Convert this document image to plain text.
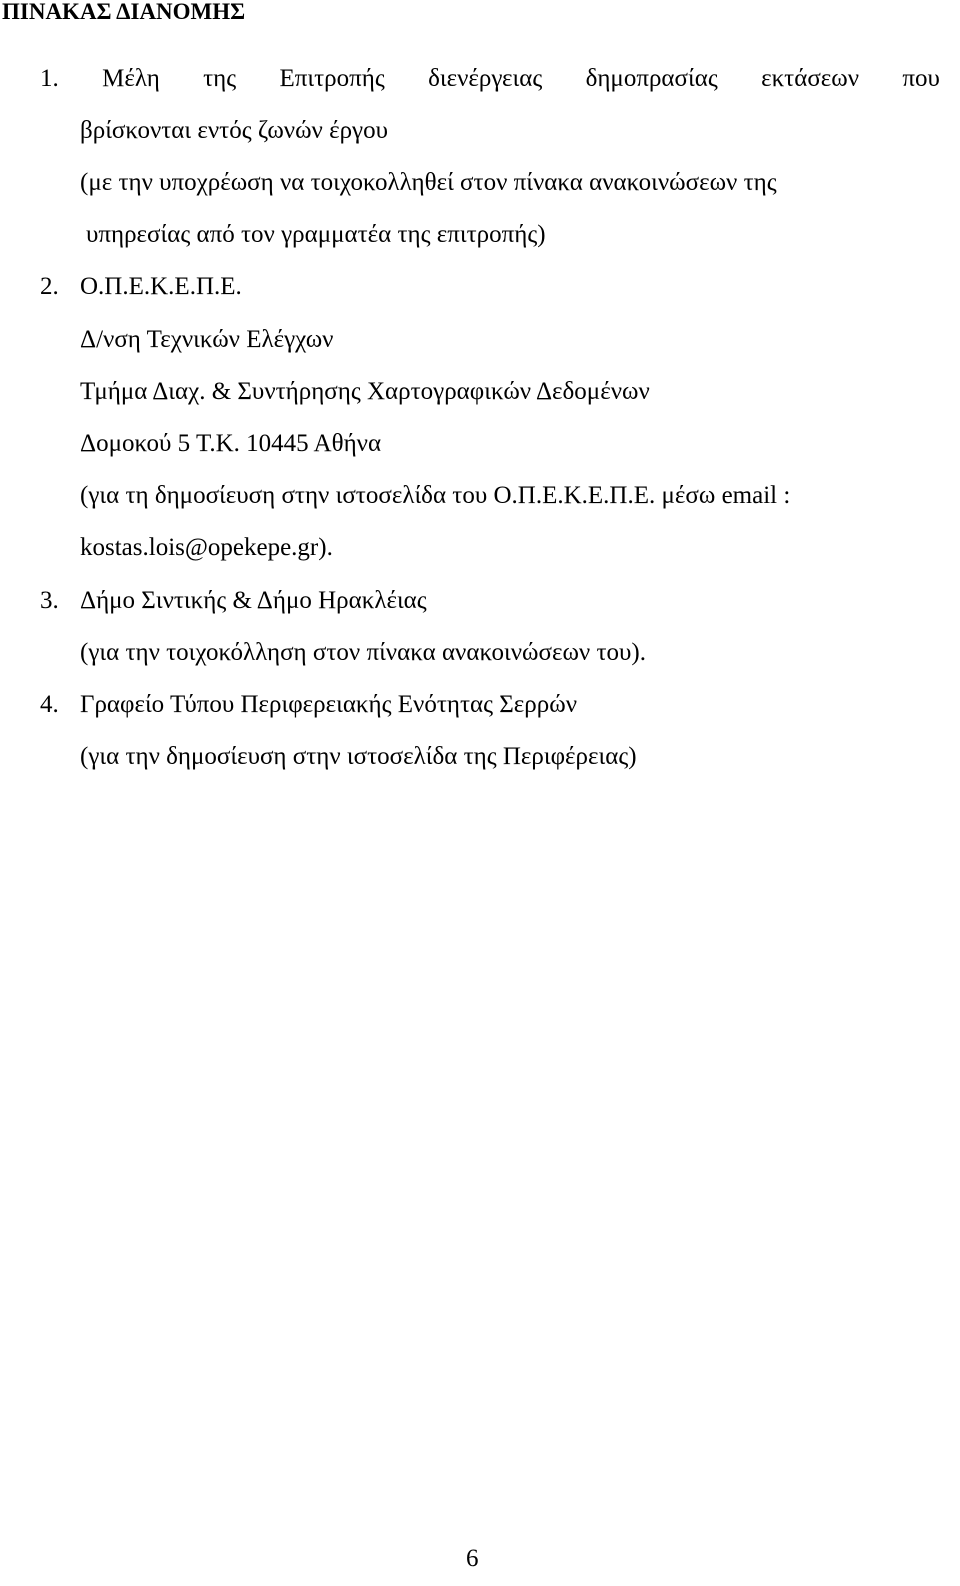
ΠΙΝΑΚΑΣ ΔΙΑΝΟΜΗΣ
1. Μέλη της Επιτροπής διενέργειας δημοπρασίας εκτάσεων που
βρίσκονται εντός ζωνών έργου
(με την υποχρέωση να τοιχοκολληθεί στον πίνακα ανακοινώσεων της
υπηρεσίας από τον γραμματέα της επιτροπής)
2. Ο.Π.Ε.Κ.Ε.Π.Ε.
Δ/νση Τεχνικών Ελέγχων
Τμήμα Διαχ. & Συντήρησης Χαρτογραφικών Δεδομένων
Δομοκού 5 Τ.Κ. 10445 Αθήνα
(για τη δημοσίευση στην ιστοσελίδα του Ο.Π.Ε.Κ.Ε.Π.Ε. μέσω email :
kostas.lois@opekepe.gr).
3. Δήμο Σιντικής & Δήμο Ηρακλέιας
(για την τοιχοκόλληση στον πίνακα ανακοινώσεων του).
4. Γραφείο Τύπου Περιφερειακής Ενότητας Σερρών
(για την δημοσίευση στην ιστοσελίδα της Περιφέρειας)
6
